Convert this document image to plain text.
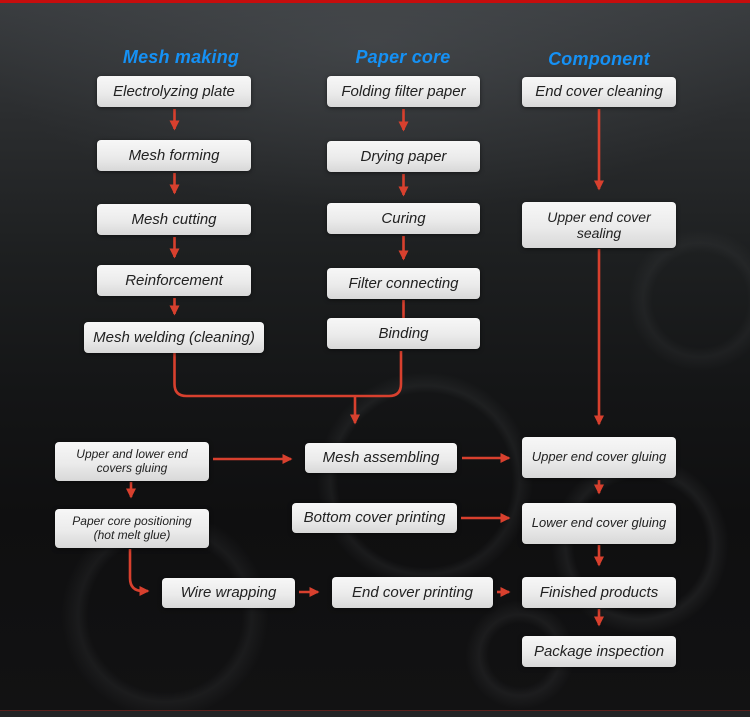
Mesh making	Paper core	Component
Electrolyzing plate
Mesh forming
Mesh cutting
Reinforcement
Mesh welding (cleaning)
Folding filter paper
Drying paper
Curing
Filter connecting
Binding
End cover cleaning
Upper end cover sealing
Upper and lower end covers gluing
Mesh assembling	Upper end cover gluing
Paper core positioning (hot melt glue)
Bottom cover printing	Lower end cover gluing
Wire wrapping	End cover printing	Finished products
Package inspection
